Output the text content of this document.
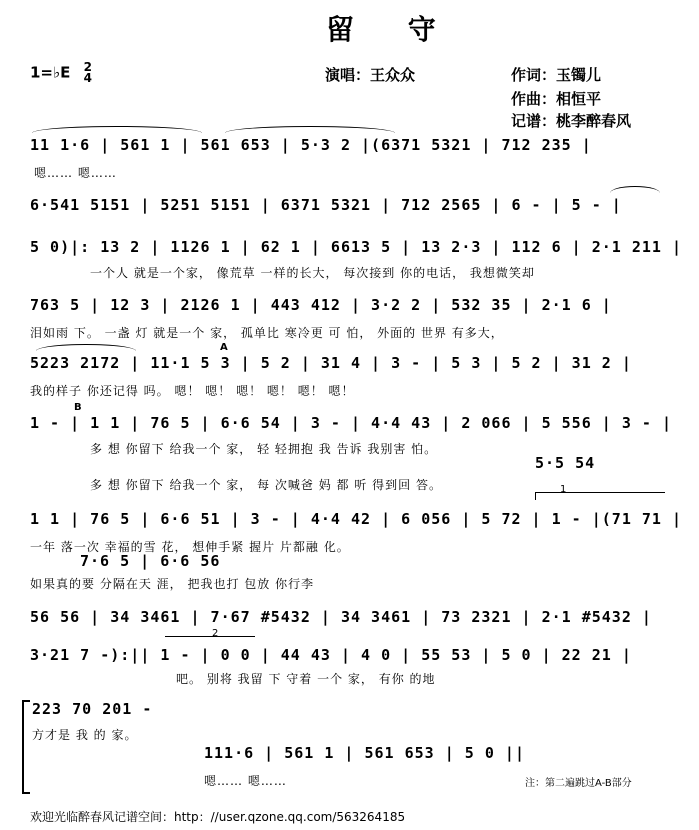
留 守
1=♭E 2
4	演唱：王众众	作词：玉镯儿
作曲：相恒平
记谱：桃李醉春风
11 1·6 | 561 1 | 561 653 | 5·3 2 |(6371 5321 | 712 235 |
嗯…… 嗯……
6·541 5151 | 5251 5151 | 6371 5321 | 712 2565 | 6 - | 5 - |
5 0)|: 13 2 | 1126 1 | 62 1 | 6613 5 | 13 2·3 | 112 6 | 2·1 211 |
一个人 就是一个家， 像荒草 一样的长大， 每次接到 你的电话， 我想微笑却
763 5 | 12 3 | 2126 1 | 443 412 | 3·2 2 | 532 35 | 2·1 6 |
泪如雨 下。 一盏 灯 就是一个 家， 孤单比 寒冷更 可 怕， 外面的 世界 有多大，
A
5223 2172 | 11·1 5 3 | 5 2 | 31 4 | 3 - | 5 3 | 5 2 | 31 2 |
我的样子 你还记得 吗。 嗯！ 嗯！ 嗯！ 嗯！ 嗯！ 嗯！
B
1 - | 1 1 | 76 5 | 6·6 54 | 3 - | 4·4 43 | 2 066 | 5 556 | 3 - |
多 想 你留下 给我一个 家， 轻 轻拥抱 我 告诉 我别害 怕。
5·5 54
多 想 你留下 给我一个 家， 每 次喊爸 妈 都 听 得到回 答。	1
1 1 | 76 5 | 6·6 51 | 3 - | 4·4 42 | 6 056 | 5 72 | 1 - |(71 71 |
一年 落一次 幸福的雪 花， 想伸手紧 握片 片都融 化。
7·6 5 | 6·6 56
如果真的要 分隔在天 涯， 把我也打 包放 你行李
56 56 | 34 3461 | 7·67 #5432 | 34 3461 | 73 2321 | 2·1 #5432 |
2
3·21 7 -):|| 1 - | 0 0 | 44 43 | 4 0 | 55 53 | 5 0 | 22 21 |
吧。 别将 我留 下 守着 一个 家， 有你 的地
223 70 201 -
方才是 我 的 家。
111·6 | 561 1 | 561 653 | 5 0 ||
嗯…… 嗯……	注：第二遍跳过A-B部分
欢迎光临醉春风记谱空间：http：//user.qzone.qq.com/563264185
